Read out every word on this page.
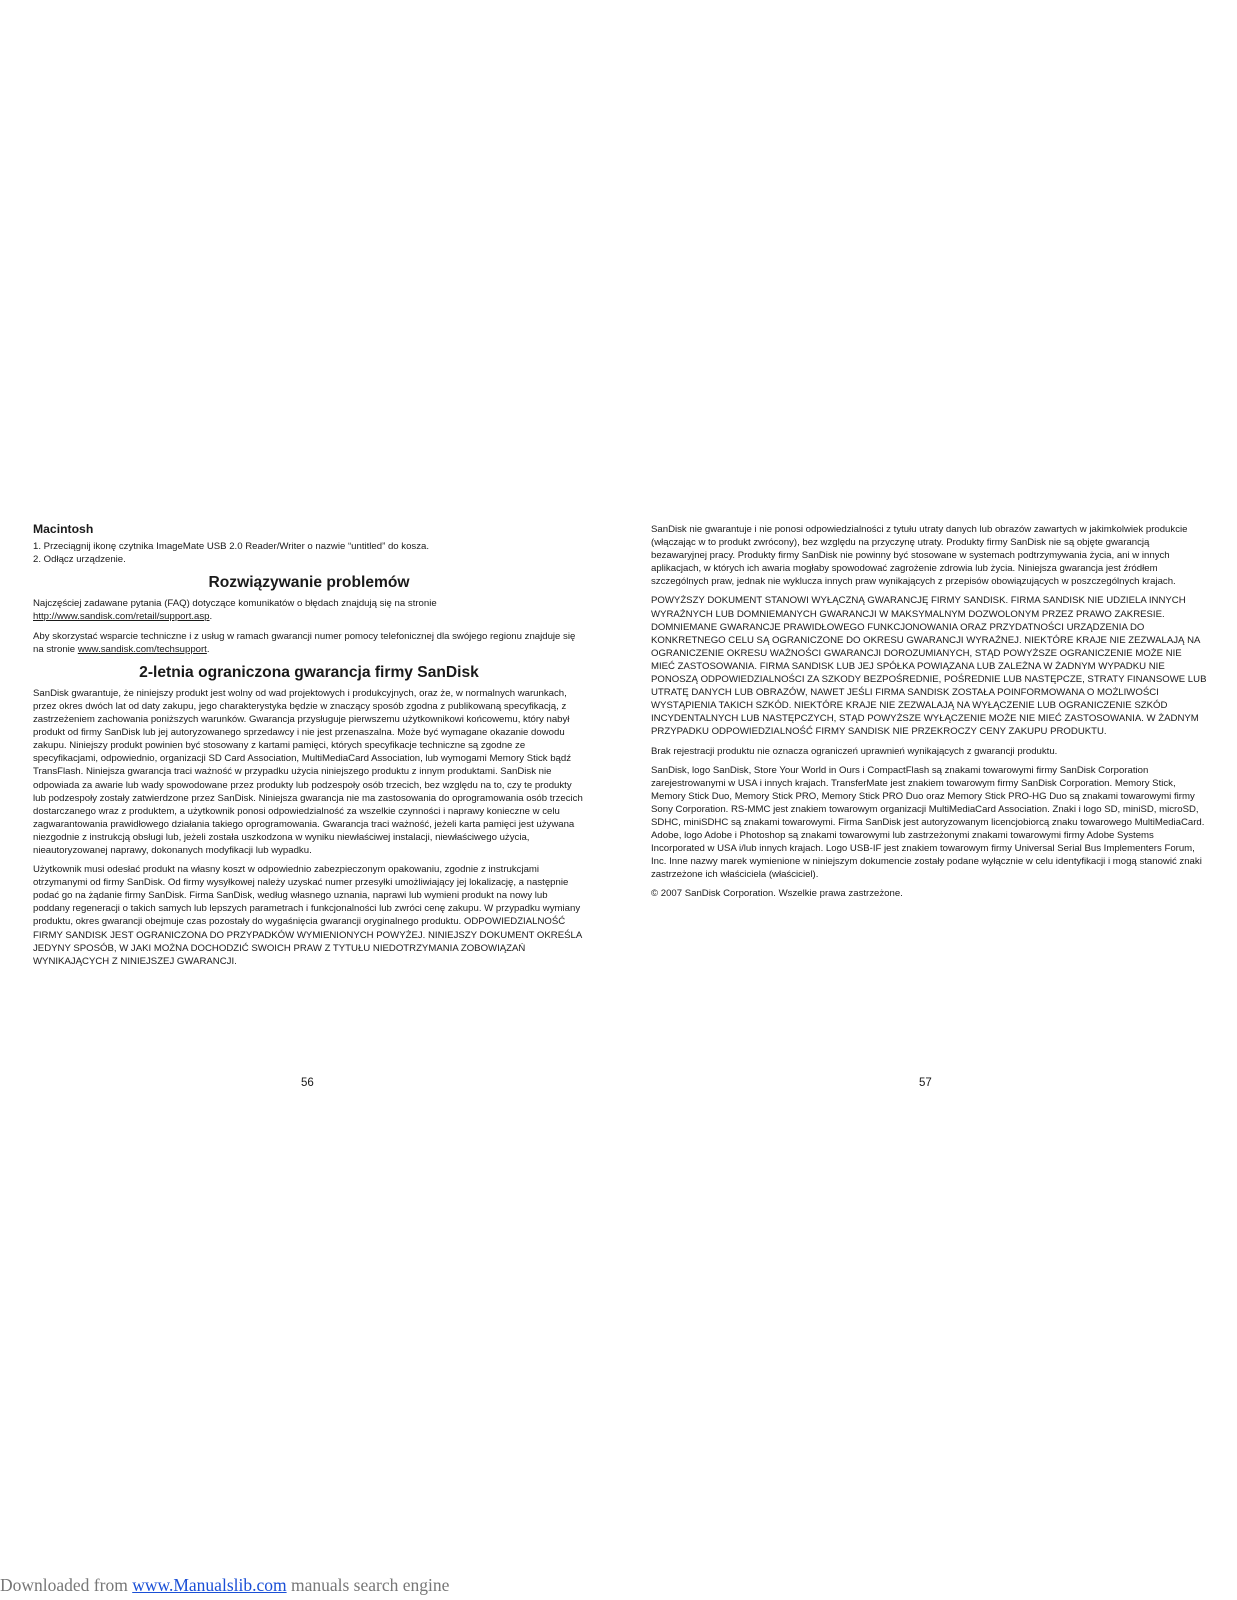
Macintosh
1. Przeciągnij ikonę czytnika ImageMate USB 2.0 Reader/Writer o nazwie “untitled” do kosza.
2. Odłącz urządzenie.
Rozwiązywanie problemów

Najczęściej zadawane pytania (FAQ) dotyczące komunikatów o błędach znajdują się na stronie
http://www.sandisk.com/retail/support.asp.

Aby skorzystać wsparcie techniczne i z usług w ramach gwarancji numer pomocy telefonicznej dla swójego regionu znajduje się na stronie www.sandisk.com/techsupport.

2-letnia ograniczona gwarancja firmy SanDisk

SanDisk gwarantuje, że niniejszy produkt jest wolny od wad projektowych i produkcyjnych, oraz że, w normalnych warunkach, przez okres dwóch lat od daty zakupu, jego charakterystyka będzie w znaczący sposób zgodna z publikowaną specyfikacją, z zastrzeżeniem zachowania poniższych warunków. Gwarancja przysługuje pierwszemu użytkownikowi końcowemu, który nabył produkt od firmy SanDisk lub jej autoryzowanego sprzedawcy i nie jest przenaszalna. Może być wymagane okazanie dowodu zakupu. Niniejszy produkt powinien być stosowany z kartami pamięci, których specyfikacje techniczne są zgodne ze specyfikacjami, odpowiednio, organizacji SD Card Association, MultiMediaCard Association, lub wymogami Memory Stick bądź TransFlash. Niniejsza gwarancja traci ważność w przypadku użycia niniejszego produktu z innym produktami. SanDisk nie odpowiada za awarie lub wady spowodowane przez produkty lub podzespoły osób trzecich, bez względu na to, czy te produkty lub podzespoły zostały zatwierdzone przez SanDisk. Niniejsza gwarancja nie ma zastosowania do oprogramowania osób trzecich dostarczanego wraz z produktem, a użytkownik ponosi odpowiedzialność za wszelkie czynności i naprawy konieczne w celu zagwarantowania prawidłowego działania takiego oprogramowania. Gwarancja traci ważność, jeżeli karta pamięci jest używana niezgodnie z instrukcją obsługi lub, jeżeli została uszkodzona w wyniku niewłaściwej instalacji, niewłaściwego użycia, nieautoryzowanej naprawy, dokonanych modyfikacji lub wypadku.

Użytkownik musi odesłać produkt na własny koszt w odpowiednio zabezpieczonym opakowaniu, zgodnie z instrukcjami otrzymanymi od firmy SanDisk. Od firmy wysyłkowej należy uzyskać numer przesyłki umożliwiający jej lokalizację, a następnie podać go na żądanie firmy SanDisk. Firma SanDisk, według własnego uznania, naprawi lub wymieni produkt na nowy lub poddany regeneracji o takich samych lub lepszych parametrach i funkcjonalności lub zwróci cenę zakupu. W przypadku wymiany produktu, okres gwarancji obejmuje czas pozostały do wygaśnięcia gwarancji oryginalnego produktu. ODPOWIEDZIALNOŚĆ FIRMY SANDISK JEST OGRANICZONA DO PRZYPADKÓW WYMIENIONYCH POWYŻEJ. NINIEJSZY DOKUMENT OKREŚLA JEDYNY SPOSÓB, W JAKI MOŻNA DOCHODZIĆ SWOICH PRAW Z TYTUŁU NIEDOTRZYMANIA ZOBOWIĄZAŃ WYNIKAJĄCYCH Z NINIEJSZEJ GWARANCJI.

56

SanDisk nie gwarantuje i nie ponosi odpowiedzialności z tytułu utraty danych lub obrazów zawartych w jakimkolwiek produkcie (włączając w to produkt zwrócony), bez względu na przyczynę utraty. Produkty firmy SanDisk nie są objęte gwarancją bezawaryjnej pracy. Produkty firmy SanDisk nie powinny być stosowane w systemach podtrzymywania życia, ani w innych aplikacjach, w których ich awaria mogłaby spowodować zagrożenie zdrowia lub życia. Niniejsza gwarancja jest źródłem szczególnych praw, jednak nie wyklucza innych praw wynikających z przepisów obowiązujących w poszczególnych krajach.

POWYŻSZY DOKUMENT STANOWI WYŁĄCZNĄ GWARANCJĘ FIRMY SANDISK. FIRMA SANDISK NIE UDZIELA INNYCH WYRAŹNYCH LUB DOMNIEMANYCH GWARANCJI W MAKSYMALNYM DOZWOLONYM PRZEZ PRAWO ZAKRESIE. DOMNIEMANE GWARANCJE PRAWIDŁOWEGO FUNKCJONOWANIA ORAZ PRZYDATNOŚCI URZĄDZENIA DO KONKRETNEGO CELU SĄ OGRANICZONE DO OKRESU GWARANCJI WYRAŹNEJ. NIEKTÓRE KRAJE NIE ZEZWALAJĄ NA OGRANICZENIE OKRESU WAŻNOŚCI GWARANCJI DOROZUMIANYCH, STĄD POWYŻSZE OGRANICZENIE MOŻE NIE MIEĆ ZASTOSOWANIA. FIRMA SANDISK LUB JEJ SPÓŁKA POWIĄZANA LUB ZALEŻNA W ŻADNYM WYPADKU NIE PONOSZĄ ODPOWIEDZIALNOŚCI ZA SZKODY BEZPOŚREDNIE, POŚREDNIE LUB NASTĘPCZE, STRATY FINANSOWE LUB UTRATĘ DANYCH LUB OBRAZÓW, NAWET JEŚLI FIRMA SANDISK ZOSTAŁA POINFORMOWANA O MOŻLIWOŚCI WYSTĄPIENIA TAKICH SZKÓD. NIEKTÓRE KRAJE NIE ZEZWALAJĄ NA WYŁĄCZENIE LUB OGRANICZENIE SZKÓD INCYDENTALNYCH LUB NASTĘPCZYCH, STĄD POWYŻSZE WYŁĄCZENIE MOŻE NIE MIEĆ ZASTOSOWANIA. W ŻADNYM PRZYPADKU ODPOWIEDZIALNOŚĆ FIRMY SANDISK NIE PRZEKROCZY CENY ZAKUPU PRODUKTU.

Brak rejestracji produktu nie oznacza ograniczeń uprawnień wynikających z gwarancji produktu.

SanDisk, logo SanDisk, Store Your World in Ours i CompactFlash są znakami towarowymi firmy SanDisk Corporation zarejestrowanymi w USA i innych krajach. TransferMate jest znakiem towarowym firmy SanDisk Corporation. Memory Stick, Memory Stick Duo, Memory Stick PRO, Memory Stick PRO Duo oraz Memory Stick PRO-HG Duo są znakami towarowymi firmy Sony Corporation. RS-MMC jest znakiem towarowym organizacji MultiMediaCard Association. Znaki i logo SD, miniSD, microSD, SDHC, miniSDHC są znakami towarowymi. Firma SanDisk jest autoryzowanym licencjobiorcą znaku towarowego MultiMediaCard. Adobe, logo Adobe i Photoshop są znakami towarowymi lub zastrzeżonymi znakami towarowymi firmy Adobe Systems Incorporated w USA i/lub innych krajach. Logo USB-IF jest znakiem towarowym firmy Universal Serial Bus Implementers Forum, Inc. Inne nazwy marek wymienione w niniejszym dokumencie zostały podane wyłącznie w celu identyfikacji i mogą stanowić znaki zastrzeżone ich właściciela (właściciel).

© 2007 SanDisk Corporation. Wszelkie prawa zastrzeżone.

57
Downloaded from www.Manualslib.com manuals search engine
